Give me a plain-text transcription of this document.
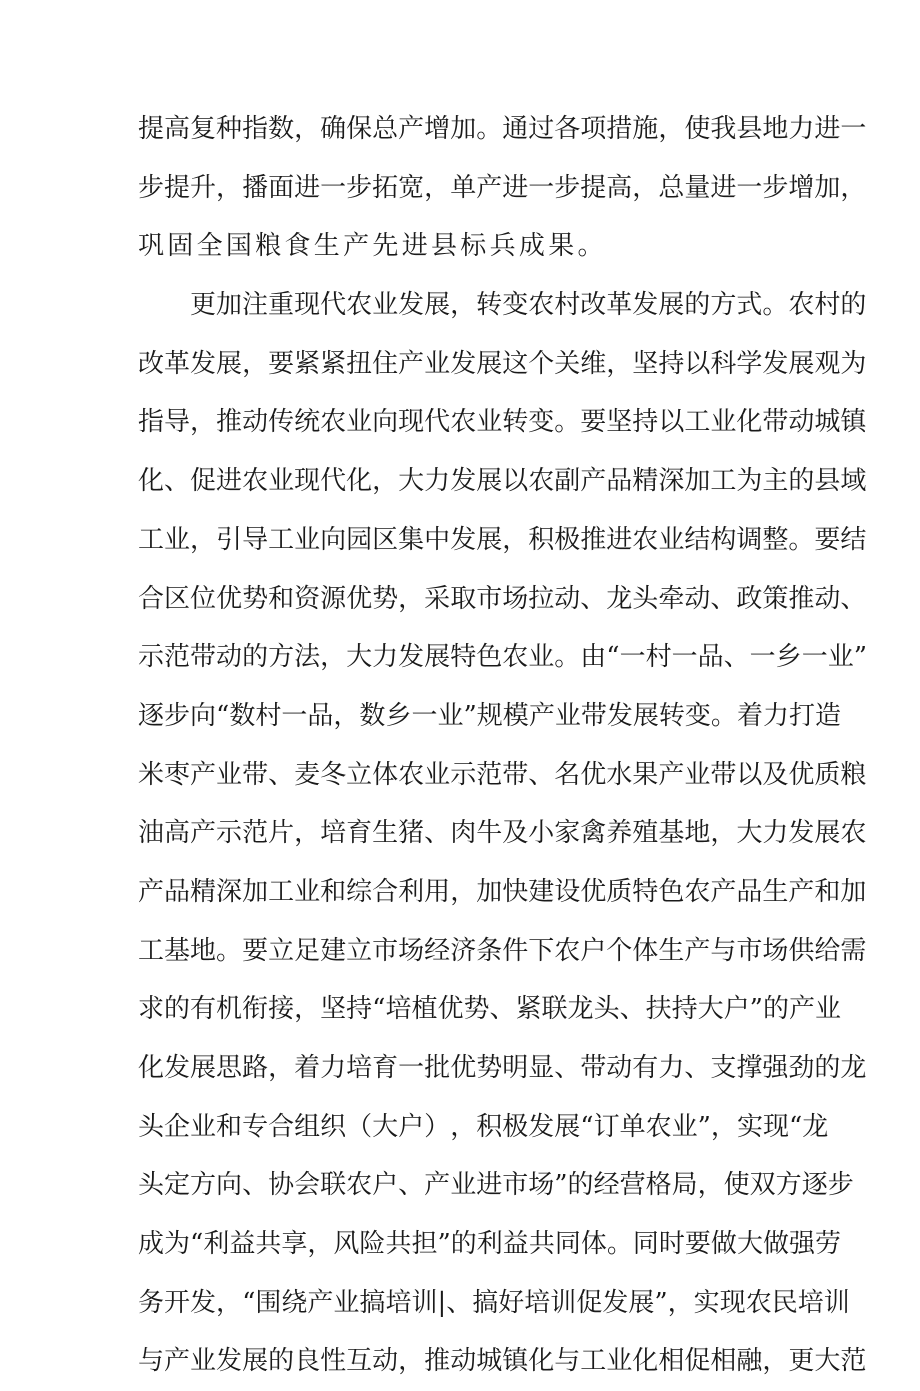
提 高 复 种 指 数 ， 确 保 总 产 增 加 。 通 过 各 项 措 施 ， 使 我 县 地 力 进 一
步 提 升 ， 播 面 进 一 步 拓 宽 ， 单 产 进 一 步 提 高 ， 总 量 进 一 步 增 加 ，
巩固全国粮食生产先进县标兵成果。
更 加 注 重 现 代 农 业 发 展 ， 转 变 农 村 改 革 发 展 的 方 式 。 农 村 的
改 革 发 展 ， 要 紧 紧 扭 住 产 业 发 展 这 个 关 维 ， 坚 持 以 科 学 发 展 观 为
指 导 ， 推 动 传 统 农 业 向 现 代 农 业 转 变 。 要 坚 持 以 工 业 化 带 动 城 镇
化 、 促 进 农 业 现 代 化 ， 大 力 发 展 以 农 副 产 品 精 深 加 工 为 主 的 县 域
工 业 ， 引 导 工 业 向 园 区 集 中 发 展 ， 积 极 推 进 农 业 结 构 调 整 。 要 结
合 区 位 优 势 和 资 源 优 势 ， 采 取 市 场 拉 动 、 龙 头 牵 动 、 政 策 推 动 、
示 范 带 动 的 方 法 ， 大 力 发 展 特 色 农 业 。 由 “ 一 村 一 品 、 一 乡 一 业 ”
逐 步 向 “ 数 村 一 品 ， 数 乡 一 业 ” 规 模 产 业 带 发 展 转 变 。 着 力 打 造
米 枣 产 业 带 、 麦 冬 立 体 农 业 示 范 带 、 名 优 水 果 产 业 带 以 及 优 质 粮
油 高 产 示 范 片 ， 培 育 生 猪 、 肉 牛 及 小 家 禽 养 殖 基 地 ， 大 力 发 展 农
产 品 精 深 加 工 业 和 综 合 利 用 ， 加 快 建 设 优 质 特 色 农 产 品 生 产 和 加
工 基 地 。 要 立 足 建 立 市 场 经 济 条 件 下 农 户 个 体 生 产 与 市 场 供 给 需
求 的 有 机 衔 接 ， 坚 持 “ 培 植 优 势 、 紧 联 龙 头 、 扶 持 大 户 ” 的 产 业
化 发 展 思 路 ， 着 力 培 育 一 批 优 势 明 显 、 带 动 有 力 、 支 撑 强 劲 的 龙
头 企 业 和 专 合 组 织 （ 大 户 ） ， 积 极 发 展 “ 订 单 农 业 ” ， 实 现 “ 龙
头 定 方 向 、 协 会 联 农 户 、 产 业 进 市 场 ” 的 经 营 格 局 ， 使 双 方 逐 步
成 为 “ 利 益 共 享 ， 风 险 共 担 ” 的 利 益 共 同 体 。 同 时 要 做 大 做 强 劳
务 开 发 ， “ 围 绕 产 业 搞 培 训 | 、 搞 好 培 训 促 发 展 ” ， 实 现 农 民 培 训
与 产 业 发 展 的 良 性 互 动 ， 推 动 城 镇 化 与 工 业 化 相 促 相 融 ， 更 大 范
